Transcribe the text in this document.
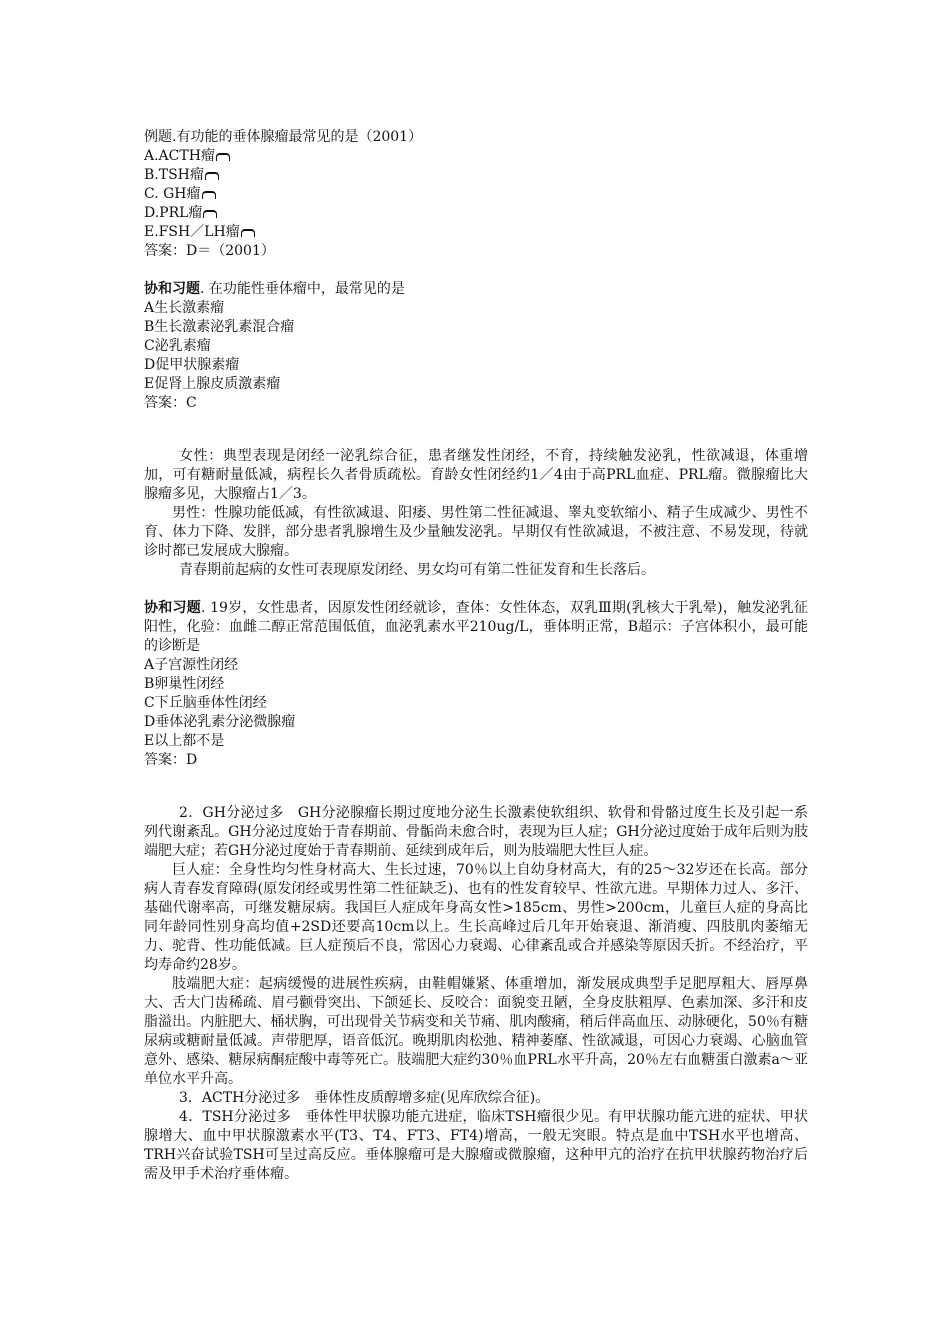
例题.有功能的垂体腺瘤最常见的是（2001）
A.ACTH瘤
B.TSH瘤
C. GH瘤
D.PRL瘤
E.FSH／LH瘤
答案：D＝（2001）
协和习题. 在功能性垂体瘤中，最常见的是
A生长激素瘤
B生长激素泌乳素混合瘤
C泌乳素瘤
D促甲状腺素瘤
E促肾上腺皮质激素瘤
答案：C
女性：典型表现是闭经一泌乳综合征，患者继发性闭经，不育，持续触发泌乳，性欲减退，体重增加，可有糖耐量低减，病程长久者骨质疏松。育龄女性闭经约1／4由于高PRL血症、PRL瘤。微腺瘤比大腺瘤多见，大腺瘤占1／3。
男性：性腺功能低减，有性欲减退、阳痿、男性第二性征减退、睾丸变软缩小、精子生成减少、男性不育、体力下降、发胖，部分患者乳腺增生及少量触发泌乳。早期仅有性欲减退，不被注意、不易发现，待就诊时都已发展成大腺瘤。
青春期前起病的女性可表现原发闭经、男女均可有第二性征发育和生长落后。
协和习题. 19岁，女性患者，因原发性闭经就诊，查体：女性体态，双乳Ⅲ期(乳核大于乳晕)，触发泌乳征阳性，化验：血雌二醇正常范围低值，血泌乳素水平210ug/L，垂体明正常，B超示：子宫体积小，最可能的诊断是
A子宫源性闭经
B卵巢性闭经
C下丘脑垂体性闭经
D垂体泌乳素分泌微腺瘤
E以上都不是
答案：D
2．GH分泌过多　GH分泌腺瘤长期过度地分泌生长激素使软组织、软骨和骨骼过度生长及引起一系列代谢紊乱。GH分泌过度始于青春期前、骨骺尚未愈合时，表现为巨人症；GH分泌过度始于成年后则为肢端肥大症；若GH分泌过度始于青春期前、延续到成年后，则为肢端肥大性巨人症。
巨人症：全身性均匀性身材高大、生长过速，70％以上自幼身材高大，有的25～32岁还在长高。部分病人青春发育障碍(原发闭经或男性第二性征缺乏)、也有的性发育较早、性欲亢进。早期体力过人、多汗、基础代谢率高，可继发糖尿病。我国巨人症成年身高女性>185cm、男性>200cm，儿童巨人症的身高比同年龄同性别身高均值+2SD还要高10cm以上。生长高峰过后几年开始衰退、渐消瘦、四肢肌肉萎缩无力、驼背、性功能低减。巨人症预后不良，常因心力衰竭、心律紊乱或合并感染等原因夭折。不经治疗，平均寿命约28岁。
肢端肥大症：起病缓慢的进展性疾病，由鞋帽嫌紧、体重增加，渐发展成典型手足肥厚粗大、唇厚鼻大、舌大门齿稀疏、眉弓颧骨突出、下颌延长、反咬合：面貌变丑陋，全身皮肤粗厚、色素加深、多汗和皮脂溢出。内脏肥大、桶状胸，可出现骨关节病变和关节痛、肌肉酸痛，稍后伴高血压、动脉硬化，50％有糖尿病或糖耐量低减。声带肥厚，语音低沉。晚期肌肉松弛、精神萎靡、性欲减退，可因心力衰竭、心脑血管意外、感染、糖尿病酮症酸中毒等死亡。肢端肥大症约30％血PRL水平升高，20％左右血糖蛋白激素a～亚单位水平升高。
3．ACTH分泌过多　垂体性皮质醇增多症(见库欣综合征)。
4．TSH分泌过多　垂体性甲状腺功能亢进症，临床TSH瘤很少见。有甲状腺功能亢进的症状、甲状腺增大、血中甲状腺激素水平(T3、T4、FT3、FT4)增高，一般无突眼。特点是血中TSH水平也增高、TRH兴奋试验TSH可呈过高反应。垂体腺瘤可是大腺瘤或微腺瘤，这种甲亢的治疗在抗甲状腺药物治疗后需及甲手术治疗垂体瘤。
